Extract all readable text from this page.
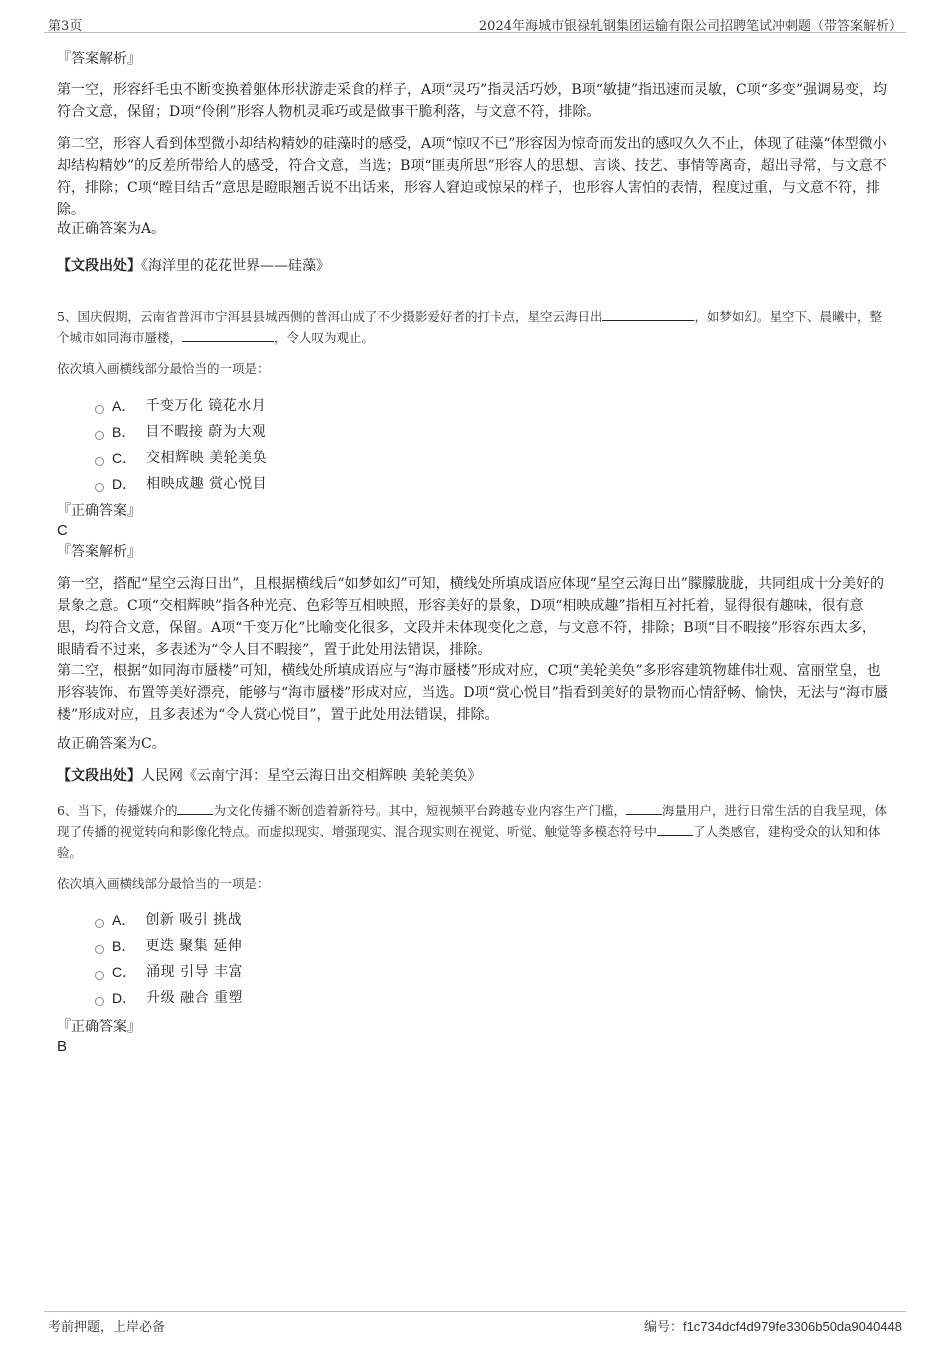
第3页	2024年海城市银禄轧钢集团运输有限公司招聘笔试冲刺题（带答案解析）
『答案解析』

第一空，形容纤毛虫不断变换着躯体形状游走采食的样子，A项“灵巧”指灵活巧妙，B项“敏捷”指迅速而灵敏，C项“多变”强调易变，均符合文意，保留；D项“伶俐”形容人物机灵乖巧或是做事干脆利落，与文意不符，排除。

第二空，形容人看到体型微小却结构精妙的硅藻时的感受，A项“惊叹不已”形容因为惊奇而发出的感叹久久不止，体现了硅藻“体型微小却结构精妙”的反差所带给人的感受，符合文意，当选；B项“匪夷所思”形容人的思想、言谈、技艺、事情等离奇，超出寻常，与文意不符，排除；C项“瞠目结舌”意思是瞪眼翘舌说不出话来，形容人窘迫或惊呆的样子，也形容人害怕的表情，程度过重，与文意不符，排除。

故正确答案为A。

【文段出处】《海洋里的花花世界——硅藻》

5、国庆假期，云南省普洱市宁洱县县城西侧的普洱山成了不少摄影爱好者的打卡点，星空云海日出	，如梦如幻。星空下、晨曦中，整个城市如同海市蜃楼，	，令人叹为观止。

依次填入画横线部分最恰当的一项是：

A． 千变万化 镜花水月
B． 目不暇接 蔚为大观
C． 交相辉映 美轮美奂
D． 相映成趣 赏心悦目
『正确答案』
C
『答案解析』

第一空，搭配“星空云海日出”，且根据横线后“如梦如幻”可知，横线处所填成语应体现“星空云海日出”朦朦胧胧，共同组成十分美好的景象之意。C项“交相辉映”指各种光亮、色彩等互相映照，形容美好的景象，D项“相映成趣”指相互衬托着，显得很有趣味，很有意思，均符合文意，保留。A项“千变万化”比喻变化很多，文段并未体现变化之意，与文意不符，排除；B项“目不暇接”形容东西太多，眼睛看不过来，多表述为“令人目不暇接”，置于此处用法错误，排除。

第二空，根据“如同海市蜃楼”可知，横线处所填成语应与“海市蜃楼”形成对应，C项“美轮美奂”多形容建筑物雄伟壮观、富丽堂皇，也形容装饰、布置等美好漂亮，能够与“海市蜃楼”形成对应，当选。D项“赏心悦目”指看到美好的景物而心情舒畅、愉快，无法与“海市蜃楼”形成对应，且多表述为“令人赏心悦目”，置于此处用法错误，排除。

故正确答案为C。

【文段出处】人民网《云南宁洱：星空云海日出交相辉映 美轮美奂》

6、当下，传播媒介的	为文化传播不断创造着新符号。其中，短视频平台跨越专业内容生产门槛，	海量用户，进行日常生活的自我呈现，体现了传播的视觉转向和影像化特点。而虚拟现实、增强现实、混合现实则在视觉、听觉、触觉等多模态符号中	了人类感官，建构受众的认知和体验。

依次填入画横线部分最恰当的一项是：

A． 创新 吸引 挑战
B． 更迭 聚集 延伸
C． 涌现 引导 丰富
D． 升级 融合 重塑
『正确答案』
B
考前押题，上岸必备	编号：f1c734dcf4d979fe3306b50da9040448
